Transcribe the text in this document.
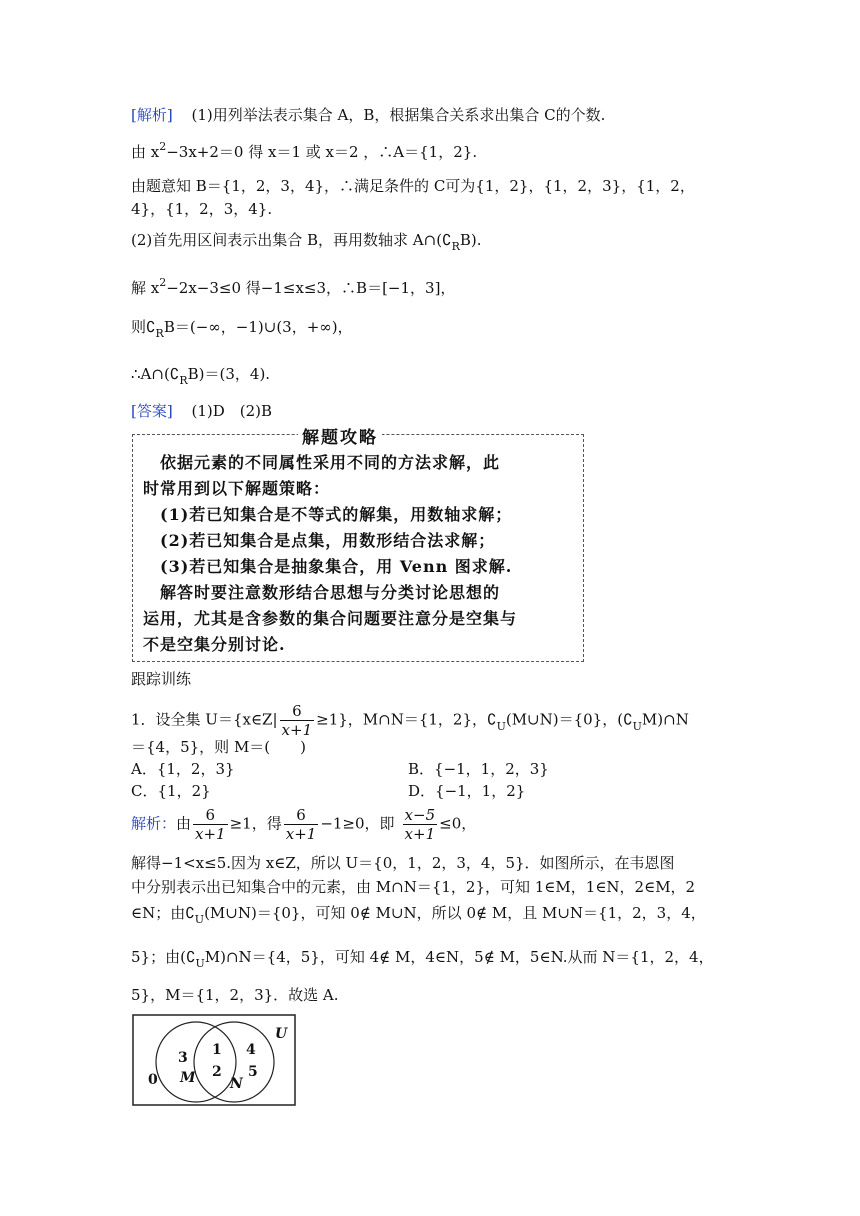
[解析] (1)用列举法表示集合 A，B，根据集合关系求出集合 C的个数.
由 $x^2-3x+2=0$ 得 x＝1 或 x＝2 ，∴A＝{1，2}.
由题意知 B＝{1，2，3，4}，∴满足条件的 C可为{1，2}，{1，2，3}，{1，2，
4}，{1，2，3，4}.
(2)首先用区间表示出集合 B，再用数轴求 $A\cap(∁_RB)$.
解 $x^2-2x-3\le 0$ 得−1≤x≤3，∴B＝[−1，3]，
则$∁_RB=(-\infty$，−1)∪(3，+∞)，
$\therefore A\cap(∁_RB)=(3$，4).
[答案] (1)D　(2)B
解题攻略
　依据元素的不同属性采用不同的方法求解，此
时常用到以下解题策略：
　(1)若已知集合是不等式的解集，用数轴求解；
　(2)若已知集合是点集，用数形结合法求解；
　(3)若已知集合是抽象集合，用 Venn 图求解.
　解答时要注意数形结合思想与分类讨论思想的
运用，尤其是含参数的集合问题要注意分是空集与
不是空集分别讨论.
跟踪训练
1．设全集 U＝{x∈Z| $\frac{6}{x+1} \ge 1$}，M∩N＝{1，2}，$∁_U(M\cup N)=\{0\}$，$(∁_UM)\cap N$
＝{4，5}，则 M＝(　　)
A．{1，2，3}	B．{−1，1，2，3}
C．{1，2}	D．{−1，1，2}
解析：由 $\frac{6}{x+1} \ge 1$，得 $\frac{6}{x+1} -1\ge 0$，即 $\frac{x-5}{x+1} \le 0$，
解得−1<x≤5.因为 x∈Z，所以 U＝{0，1，2，3，4，5}．如图所示，在韦恩图
中分别表示出已知集合中的元素，由 M∩N＝{1，2}，可知 1∈M，1∈N，2∈M，2
∈N；由$∁_U(M\cup N)=\{0\}$，可知 0∉ M∪N，所以 0∉ M，且 M∪N＝{1，2，3，4，
5}；由$(∁_UM)\cap N=\{4$，5}，可知 4∉ M，4∈N，5∉ M，5∈N.从而 N＝{1，2，4，
5}，M＝{1，2，3}．故选 A.
U
3
M
1
2
4
5
N
0
